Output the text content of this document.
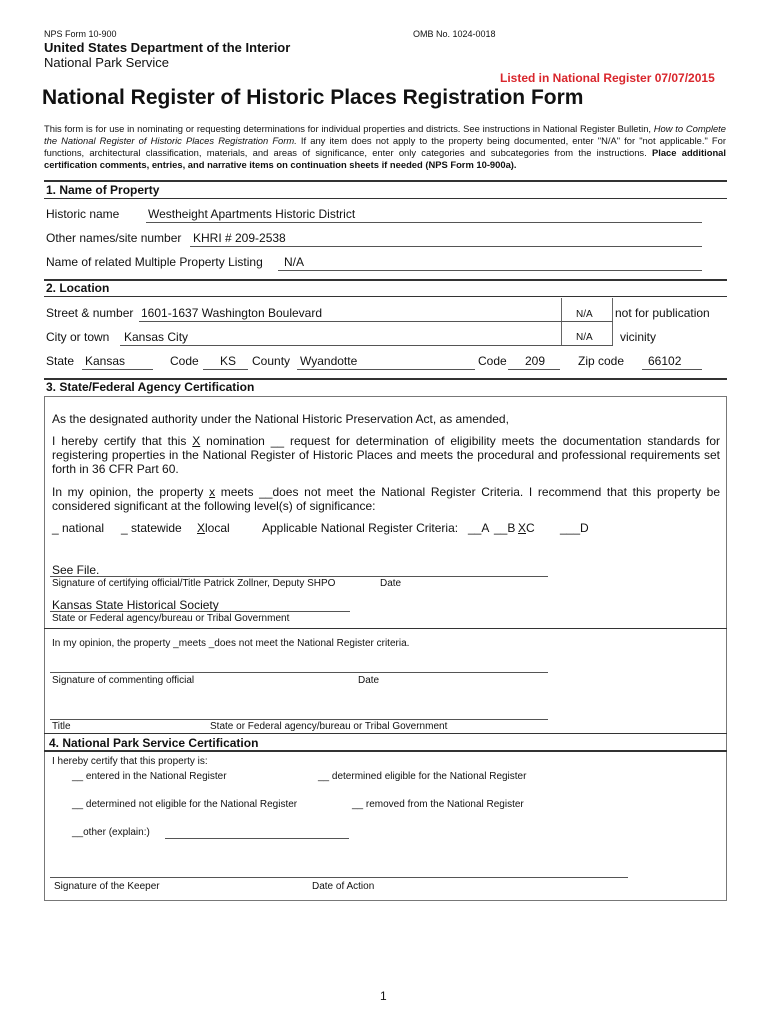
NPS Form 10-900	OMB No. 1024-0018
United States Department of the Interior
National Park Service
Listed in National Register 07/07/2015
National Register of Historic Places Registration Form
This form is for use in nominating or requesting determinations for individual properties and districts. See instructions in National Register Bulletin, How to Complete the National Register of Historic Places Registration Form. If any item does not apply to the property being documented, enter "N/A" for "not applicable." For functions, architectural classification, materials, and areas of significance, enter only categories and subcategories from the instructions. Place additional certification comments, entries, and narrative items on continuation sheets if needed (NPS Form 10-900a).
1. Name of Property
Historic name Westheight Apartments Historic District
Other names/site number KHRI # 209-2538
Name of related Multiple Property Listing N/A
2. Location
Street & number 1601-1637 Washington Boulevard	N/A not for publication
City or town Kansas City	N/A vicinity
State Kansas	Code KS County Wyandotte	Code 209	Zip code 66102
3. State/Federal Agency Certification
As the designated authority under the National Historic Preservation Act, as amended,
I hereby certify that this X nomination __ request for determination of eligibility meets the documentation standards for registering properties in the National Register of Historic Places and meets the procedural and professional requirements set forth in 36 CFR Part 60.
In my opinion, the property x meets __does not meet the National Register Criteria. I recommend that this property be considered significant at the following level(s) of significance:
_ national _ statewide Xlocal	Applicable National Register Criteria: __A __B XC ___D
See File.
Signature of certifying official/Title Patrick Zollner, Deputy SHPO	Date
Kansas State Historical Society
State or Federal agency/bureau or Tribal Government
In my opinion, the property _meets _does not meet the National Register criteria.
Signature of commenting official	Date
Title	State or Federal agency/bureau or Tribal Government
4. National Park Service Certification
I hereby certify that this property is:
__ entered in the National Register	__ determined eligible for the National Register
__ determined not eligible for the National Register	__ removed from the National Register
__other (explain:)
Signature of the Keeper	Date of Action
1
